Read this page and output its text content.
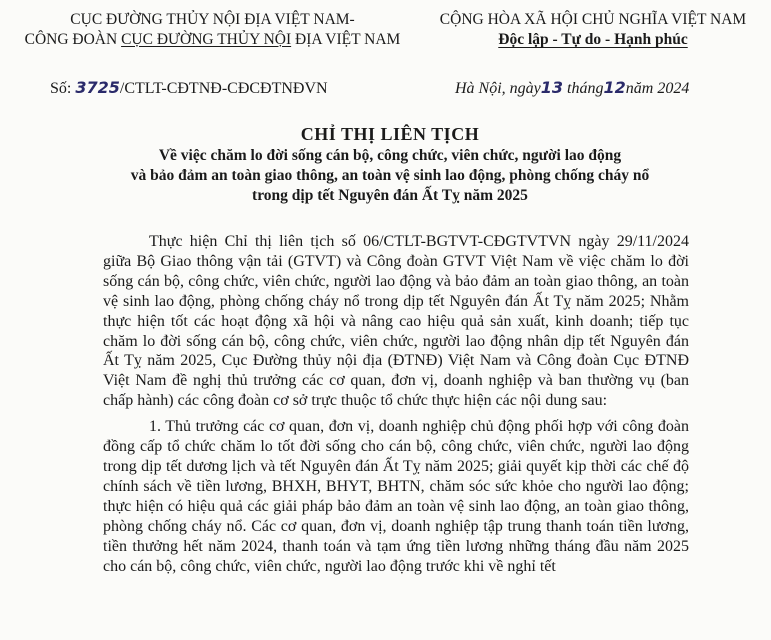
CỤC ĐƯỜNG THỦY NỘI ĐỊA VIỆT NAM-
CÔNG ĐOÀN CỤC ĐƯỜNG THỦY NỘI ĐỊA VIỆT NAM
CỘNG HÒA XÃ HỘI CHỦ NGHĨA VIỆT NAM
Độc lập - Tự do - Hạnh phúc
Số: 3725/CTLT-CĐTNĐ-CĐCĐTNĐVN	Hà Nội, ngày13 tháng12năm 2024
CHỈ THỊ LIÊN TỊCH
Về việc chăm lo đời sống cán bộ, công chức, viên chức, người lao động
và bảo đảm an toàn giao thông, an toàn vệ sinh lao động, phòng chống cháy nổ
trong dịp tết Nguyên đán Ất Tỵ năm 2025

Thực hiện Chỉ thị liên tịch số 06/CTLT-BGTVT-CĐGTVTVN ngày 29/11/2024 giữa Bộ Giao thông vận tải (GTVT) và Công đoàn GTVT Việt Nam về việc chăm lo đời sống cán bộ, công chức, viên chức, người lao động và bảo đảm an toàn giao thông, an toàn vệ sinh lao động, phòng chống cháy nổ trong dịp tết Nguyên đán Ất Tỵ năm 2025; Nhằm thực hiện tốt các hoạt động xã hội và nâng cao hiệu quả sản xuất, kinh doanh; tiếp tục chăm lo đời sống cán bộ, công chức, viên chức, người lao động nhân dịp tết Nguyên đán Ất Tỵ năm 2025, Cục Đường thủy nội địa (ĐTNĐ) Việt Nam và Công đoàn Cục ĐTNĐ Việt Nam đề nghị thủ trưởng các cơ quan, đơn vị, doanh nghiệp và ban thường vụ (ban chấp hành) các công đoàn cơ sở trực thuộc tổ chức thực hiện các nội dung sau:

1. Thủ trưởng các cơ quan, đơn vị, doanh nghiệp chủ động phối hợp với công đoàn đồng cấp tổ chức chăm lo tốt đời sống cho cán bộ, công chức, viên chức, người lao động trong dịp tết dương lịch và tết Nguyên đán Ất Tỵ năm 2025; giải quyết kịp thời các chế độ chính sách về tiền lương, BHXH, BHYT, BHTN, chăm sóc sức khỏe cho người lao động; thực hiện có hiệu quả các giải pháp bảo đảm an toàn vệ sinh lao động, an toàn giao thông, phòng chống cháy nổ. Các cơ quan, đơn vị, doanh nghiệp tập trung thanh toán tiền lương, tiền thưởng hết năm 2024, thanh toán và tạm ứng tiền lương những tháng đầu năm 2025 cho cán bộ, công chức, viên chức, người lao động trước khi về nghỉ tết
